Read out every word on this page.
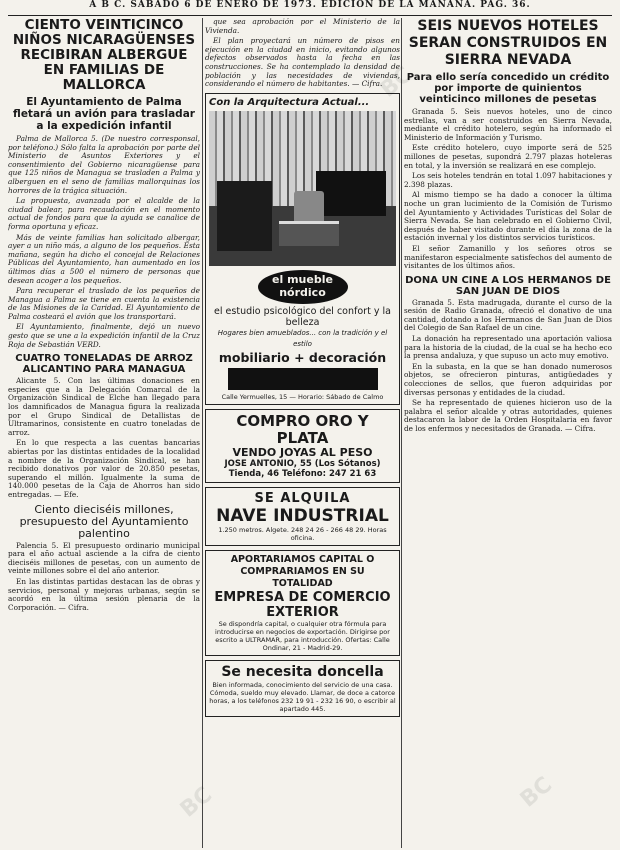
A B C. SABADO 6 DE ENERO DE 1973. EDICION DE LA MAÑANA. PAG. 36.
CIENTO VEINTICINCO NIÑOS NICARAGÜENSES RECIBIRAN ALBERGUE EN FAMILIAS DE MALLORCA
El Ayuntamiento de Palma fletará un avión para trasladar a la expedición infantil

Palma de Mallorca 5. (De nuestro corresponsal, por teléfono.) Sólo falta la aprobación por parte del Ministerio de Asuntos Exteriores y el consentimiento del Gobierno nicaragüense para que 125 niños de Managua se trasladen a Palma y alberguen en el seno de familias mallorquinas los horrores de la trágica situación.

La propuesta, avanzada por el alcalde de la ciudad balear, para recaudación en el momento actual de fondos para que la ayuda se canalice de forma oportuna y eficaz.

Más de veinte familias han solicitado albergar, ayer a un niño más, a alguno de los pequeños. Esta mañana, según ha dicho el concejal de Relaciones Públicas del Ayuntamiento, han aumentado en los últimos días a 500 el número de personas que desean acoger a los pequeños.

Para recuperar el traslado de los pequeños de Managua a Palma se tiene en cuenta la existencia de las Misiones de la Caridad. El Ayuntamiento de Palma costeará el avión que los transportará.

El Ayuntamiento, finalmente, dejó un nuevo gesto que se une a la expedición infantil de la Cruz Roja de Sebastián VERD.

CUATRO TONELADAS DE ARROZ ALICANTINO PARA MANAGUA

Alicante 5. Con las últimas donaciones en especies que a la Delegación Comarcal de la Organización Sindical de Elche han llegado para los damnificados de Managua figura la realizada por el Grupo Sindical de Detallistas de Ultramarinos, consistente en cuatro toneladas de arroz.

En lo que respecta a las cuentas bancarias abiertas por las distintas entidades de la localidad a nombre de la Organización Sindical, se han recibido donativos por valor de 20.850 pesetas, superando el millón. Igualmente la suma de 140.000 pesetas de la Caja de Ahorros han sido entregadas. — Efe.

Ciento dieciséis millones, presupuesto del Ayuntamiento palentino

Palencia 5. El presupuesto ordinario municipal para el año actual asciende a la cifra de ciento dieciséis millones de pesetas, con un aumento de veinte millones sobre el del año anterior.

En las distintas partidas destacan las de obras y servicios, personal y mejoras urbanas, según se acordó en la última sesión plenaria de la Corporación. — Cifra.

que sea aprobación por el Ministerio de la Vivienda.

El plan proyectará un número de pisos en ejecución en la ciudad en inicio, evitando algunos defectos observados hasta la fecha en las construcciones. Se ha contemplado la densidad de población y las necesidades de viviendas, considerando el número de habitantes. — Cifra.

Con la Arquitectura Actual...
el mueble nórdico
el estudio psicológico del confort y la belleza
Hogares bien amueblados... con la tradición y el estilo
mobiliario + decoración
Calle Yermuelles, 15 — Horario: Sábado de Calmo
COMPRO ORO Y PLATA
VENDO JOYAS AL PESO
JOSE ANTONIO, 55 (Los Sótanos)
Tienda, 46 Teléfono: 247 21 63
SE ALQUILA
NAVE INDUSTRIAL
1.250 metros. Algete. 248 24 26 - 266 48 29. Horas oficina.
APORTARIAMOS CAPITAL O COMPRARIAMOS EN SU TOTALIDAD
EMPRESA DE COMERCIO EXTERIOR
Se dispondría capital, o cualquier otra fórmula para introducirse en negocios de exportación. Dirigirse por escrito a ULTRAMAR, para introducción. Ofertas: Calle Ondinar, 21 - Madrid-29.
Se necesita doncella
Bien informada, conocimiento del servicio de una casa. Cómoda, sueldo muy elevado. Llamar, de doce a catorce horas, a los teléfonos 232 19 91 - 232 16 90, o escribir al apartado 445.
SEIS NUEVOS HOTELES SERAN CONSTRUIDOS EN SIERRA NEVADA
Para ello sería concedido un crédito por importe de quinientos veinticinco millones de pesetas

Granada 5. Seis nuevos hoteles, uno de cinco estrellas, van a ser construidos en Sierra Nevada, mediante el crédito hotelero, según ha informado el Ministerio de Información y Turismo.

Este crédito hotelero, cuyo importe será de 525 millones de pesetas, supondrá 2.797 plazas hoteleras en total, y la inversión se realizará en ese complejo.

Los seis hoteles tendrán en total 1.097 habitaciones y 2.398 plazas.

Al mismo tiempo se ha dado a conocer la última noche un gran lucimiento de la Comisión de Turismo del Ayuntamiento y Actividades Turísticas del Solar de Sierra Nevada. Se han celebrado en el Gobierno Civil, después de haber visitado durante el día la zona de la estación invernal y los distintos servicios turísticos.

El señor Zamanillo y los señores otros se manifestaron especialmente satisfechos del aumento de visitantes de los últimos años.

DONA UN CINE A LOS HERMANOS DE SAN JUAN DE DIOS

Granada 5. Esta madrugada, durante el curso de la sesión de Radio Granada, ofreció el donativo de una cantidad, dotando a los Hermanos de San Juan de Dios del Colegio de San Rafael de un cine.

La donación ha representado una aportación valiosa para la historia de la ciudad, de la cual se ha hecho eco la prensa andaluza, y que supuso un acto muy emotivo.

En la subasta, en la que se han donado numerosos objetos, se ofrecieron pinturas, antigüedades y colecciones de sellos, que fueron adquiridas por diversas personas y entidades de la ciudad.

Se ha representado de quienes hicieron uso de la palabra el señor alcalde y otras autoridades, quienes destacaron la labor de la Orden Hospitalaria en favor de los enfermos y necesitados de Granada. — Cifra.

BC
BC	BC
